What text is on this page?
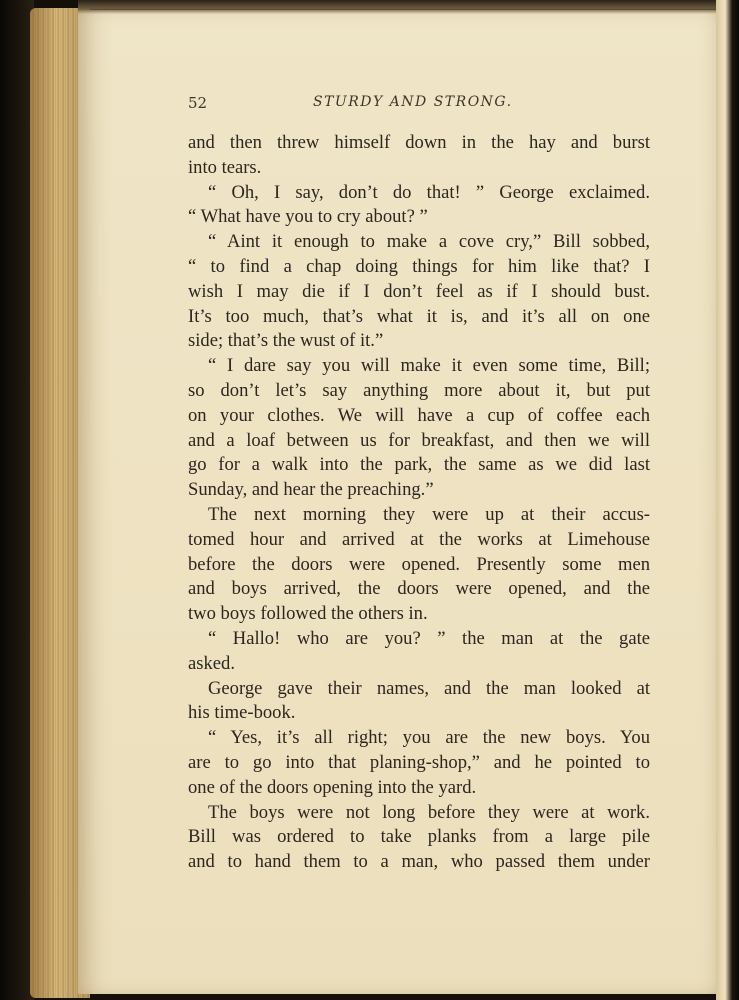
52	STURDY AND STRONG.
and then threw himself down in the hay and burst
into tears.
“ Oh, I say, don’t do that! ” George exclaimed.
“ What have you to cry about? ”
“ Aint it enough to make a cove cry,” Bill sobbed,
“ to find a chap doing things for him like that? I
wish I may die if I don’t feel as if I should bust.
It’s too much, that’s what it is, and it’s all on one
side; that’s the wust of it.”
“ I dare say you will make it even some time, Bill;
so don’t let’s say anything more about it, but put
on your clothes. We will have a cup of coffee each
and a loaf between us for breakfast, and then we will
go for a walk into the park, the same as we did last
Sunday, and hear the preaching.”
The next morning they were up at their accus-
tomed hour and arrived at the works at Limehouse
before the doors were opened. Presently some men
and boys arrived, the doors were opened, and the
two boys followed the others in.
“ Hallo! who are you? ” the man at the gate
asked.
George gave their names, and the man looked at
his time-book.
“ Yes, it’s all right; you are the new boys. You
are to go into that planing-shop,” and he pointed to
one of the doors opening into the yard.
The boys were not long before they were at work.
Bill was ordered to take planks from a large pile
and to hand them to a man, who passed them under
